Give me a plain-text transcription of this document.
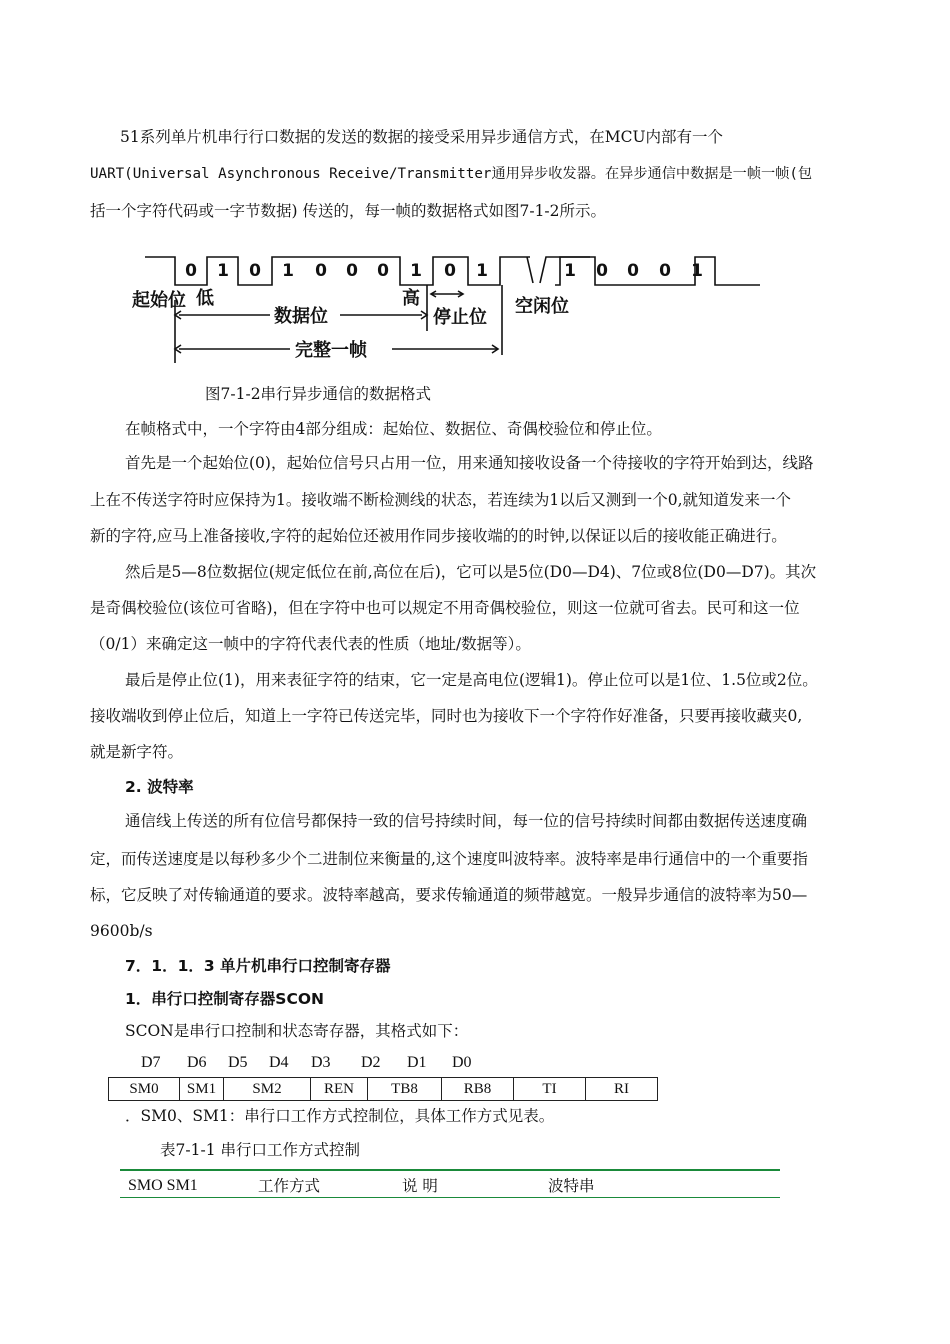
51系列单片机串行行口数据的发送的数据的接受采用异步通信方式，在MCU内部有一个
UART(Universal Asynchronous Receive/Transmitter通用异步收发器。在异步通信中数据是一帧一帧(包
括一个字符代码或一字节数据) 传送的，每一帧的数据格式如图7-1-2所示。
0 1 0 1 0 0 0 1 0 1	1 0 0 0 1
起始位 低
数据位
高
停止位
空闲位
完整一帧
图7-1-2串行异步通信的数据格式
在帧格式中，一个字符由4部分组成：起始位、数据位、奇偶校验位和停止位。
首先是一个起始位(0)，起始位信号只占用一位，用来通知接收设备一个待接收的字符开始到达，线路
上在不传送字符时应保持为1。接收端不断检测线的状态，若连续为1以后又测到一个0,就知道发来一个
新的字符,应马上准备接收,字符的起始位还被用作同步接收端的的时钟,以保证以后的接收能正确进行。
然后是5—8位数据位(规定低位在前,高位在后)，它可以是5位(D0—D4)、7位或8位(D0—D7)。其次
是奇偶校验位(该位可省略)，但在字符中也可以规定不用奇偶校验位，则这一位就可省去。民可和这一位
（0/1）来确定这一帧中的字符代表代表的性质（地址/数据等）。
最后是停止位(1)，用来表征字符的结束，它一定是高电位(逻辑1)。停止位可以是1位、1.5位或2位。
接收端收到停止位后，知道上一字符已传送完毕，同时也为接收下一个字符作好准备，只要再接收藏夹0,
就是新字符。
2. 波特率
通信线上传送的所有位信号都保持一致的信号持续时间，每一位的信号持续时间都由数据传送速度确
定，而传送速度是以每秒多少个二进制位来衡量的,这个速度叫波特率。波特率是串行通信中的一个重要指
标，它反映了对传输通道的要求。波特率越高，要求传输通道的频带越宽。一般异步通信的波特率为50—
9600b/s
7．1．1．3 单片机串行口控制寄存器
1．串行口控制寄存器SCON
SCON是串行口控制和状态寄存器，其格式如下：
D7 D6 D5 D4 D3 D2 D1 D0
SM0	SM1	SM2	REN	TB8	RB8	TI	RI
．SM0、SM1：串行口工作方式控制位，具体工作方式见表。
表7-1-1 串行口工作方式控制
SMO SM1	工作方式	说 明	波特串
